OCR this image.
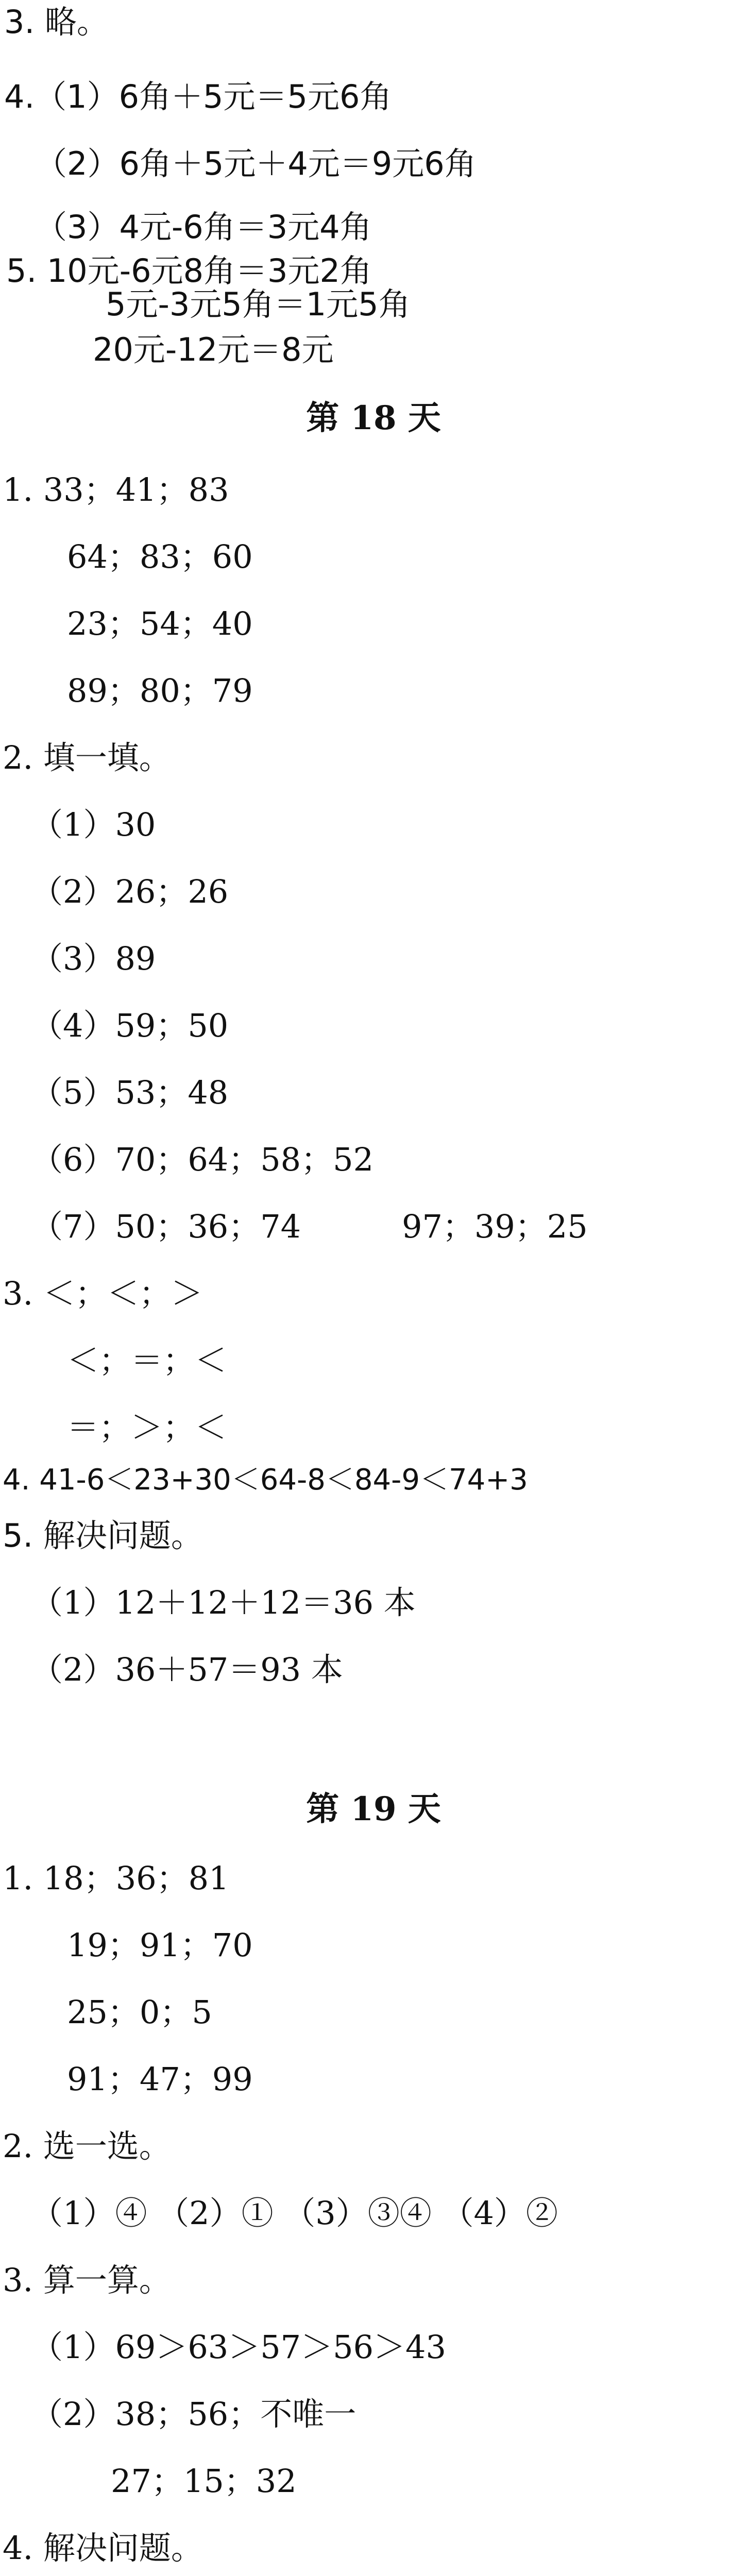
3. 略。
4.（1）6角＋5元＝5元6角
（2）6角＋5元＋4元＝9元6角
（3）4元-6角＝3元4角
5. 10元-6元8角＝3元2角
5元-3元5角＝1元5角
20元-12元＝8元
第 18 天
1. 33；41；83
64；83；60
23；54；40
89；80；79
2. 填一填。
（1）30
（2）26；26
（3）89
（4）59；50
（5）53；48
（6）70；64；58；52
（7）50；36；74	97；39；25
3. ＜；＜；＞
＜；＝；＜
＝；＞；＜
4. 41-6＜23+30＜64-8＜84-9＜74+3
5. 解决问题。
（1）12＋12＋12＝36 本
（2）36＋57＝93 本
第 19 天
1. 18；36；81
19；91；70
25；0；5
91；47；99
2. 选一选。
（1）④ （2）① （3）③④ （4）②
3. 算一算。
（1）69＞63＞57＞56＞43
（2）38；56；不唯一
27；15；32
4. 解决问题。
